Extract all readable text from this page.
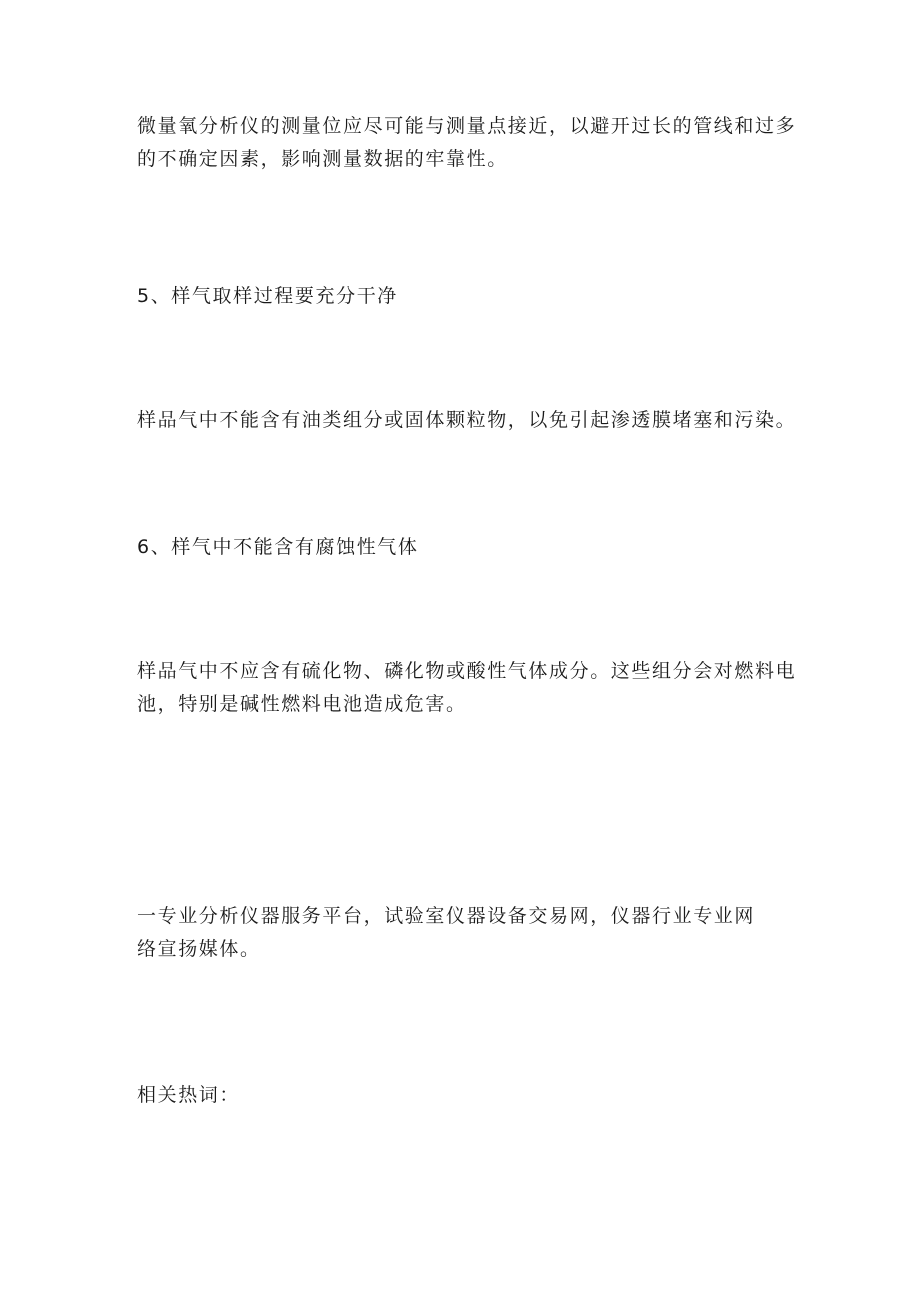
微量氧分析仪的测量位应尽可能与测量点接近，以避开过长的管线和过多的不确定因素，影响测量数据的牢靠性。

5、样气取样过程要充分干净

样品气中不能含有油类组分或固体颗粒物，以免引起渗透膜堵塞和污染。

6、样气中不能含有腐蚀性气体

样品气中不应含有硫化物、磷化物或酸性气体成分。这些组分会对燃料电池，特别是碱性燃料电池造成危害。

一专业分析仪器服务平台，试验室仪器设备交易网，仪器行业专业网络宣扬媒体。

相关热词：
